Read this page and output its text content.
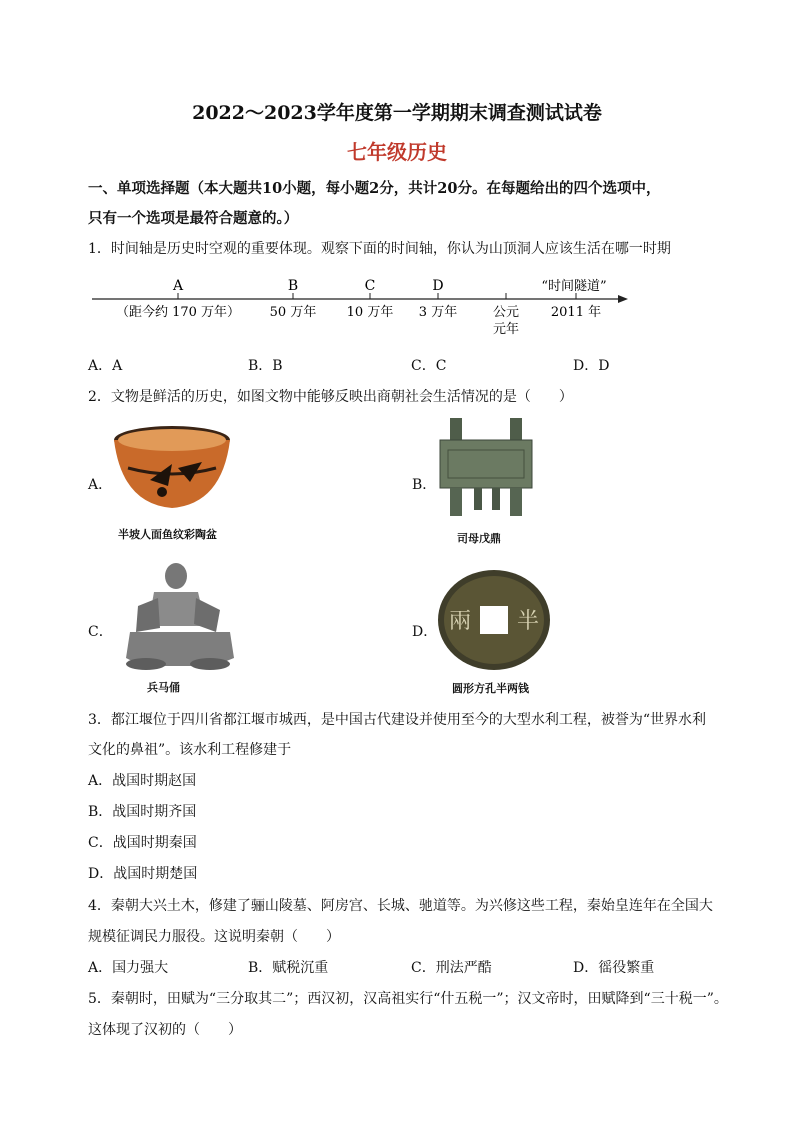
2022～2023学年度第一学期期末调查测试试卷
七年级历史
一、单项选择题（本大题共10小题，每小题2分，共计20分。在每题给出的四个选项中，
只有一个选项是最符合题意的。）
1．时间轴是历史时空观的重要体现。观察下面的时间轴，你认为山顶洞人应该生活在哪一时期
A	B	C	D	“时间隧道”
（距今约 170 万年） 50 万年 10 万年 3 万年	公元
元年
2011 年
A．A	B．B	C．C	D．D
2．文物是鲜活的历史，如图文物中能够反映出商朝社会生活情况的是（　　）
A．
半坡人面鱼纹彩陶盆
B．
司母戊鼎
C．
兵马俑
D． 兩 半
圆形方孔半两钱
3．都江堰位于四川省都江堰市城西，是中国古代建设并使用至今的大型水利工程，被誉为“世界水利
文化的鼻祖”。该水利工程修建于
A．战国时期赵国
B．战国时期齐国
C．战国时期秦国
D．战国时期楚国
4．秦朝大兴土木，修建了骊山陵墓、阿房宫、长城、驰道等。为兴修这些工程，秦始皇连年在全国大
规模征调民力服役。这说明秦朝（　　）
A．国力强大	B．赋税沉重	C．刑法严酷	D．徭役繁重
5．秦朝时，田赋为“三分取其二”；西汉初，汉高祖实行“什五税一”；汉文帝时，田赋降到“三十税一”。
这体现了汉初的（　　）
